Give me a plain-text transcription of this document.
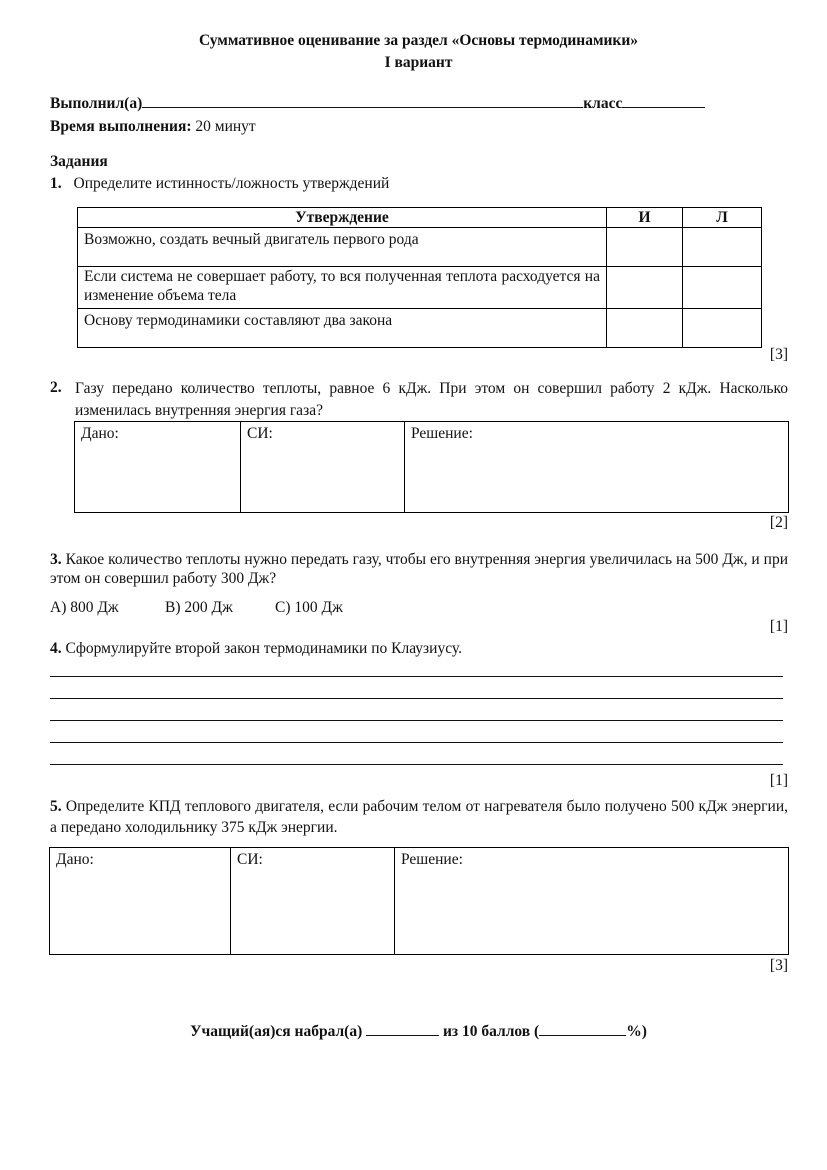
Суммативное оценивание за раздел «Основы термодинамики»
I вариант
Выполнил(а)	класс
Время выполнения: 20 минут
Задания
1. Определите истинность/ложность утверждений
Утверждение	И	Л
Возможно, создать вечный двигатель первого рода		
Если система не совершает работу, то вся полученная теплота расходуется на изменение объема тела		
Основу термодинамики составляют два закона		
[3]
2. Газу передано количество теплоты, равное 6 кДж. При этом он совершил работу 2 кДж. Насколько изменилась внутренняя энергия газа?
Дано:	СИ:	Решение:
[2]
3. Какое количество теплоты нужно передать газу, чтобы его внутренняя энергия увеличилась на 500 Дж, и при этом он совершил работу 300 Дж?
A) 800 Дж	B) 200 Дж	C) 100 Дж
[1]
4. Сформулируйте второй закон термодинамики по Клаузиусу.
[1]
5. Определите КПД теплового двигателя, если рабочим телом от нагревателя было получено 500 кДж энергии, а передано холодильнику 375 кДж энергии.
Дано:	СИ:	Решение:
[3]
Учащий(ая)ся набрал(а)	из 10 баллов (	%)
